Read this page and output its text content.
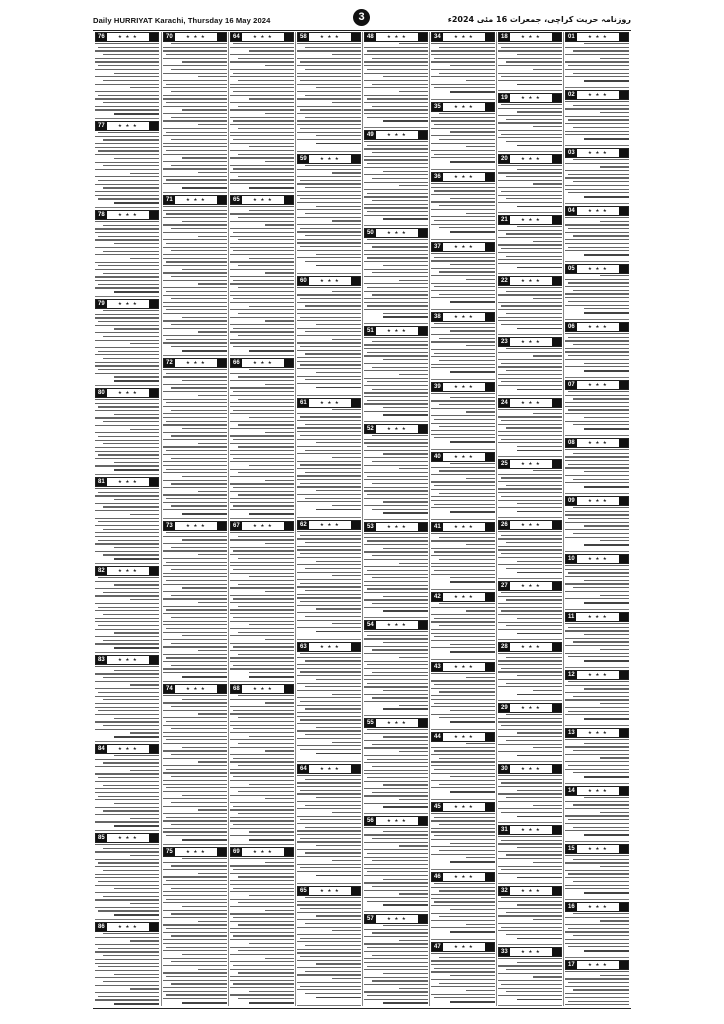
Daily HURRIYAT Karachi, Thursday 16 May 2024	3	روزنامہ حریت کراچی، جمعرات 16 مئی 2024ء
76	★ ★ ★
77	★ ★ ★
78	★ ★ ★
79	★ ★ ★
80	★ ★ ★
81	★ ★ ★
82	★ ★ ★
83	★ ★ ★
84	★ ★ ★
85	★ ★ ★
86	★ ★ ★
70	★ ★ ★
71	★ ★ ★
72	★ ★ ★
73	★ ★ ★
74	★ ★ ★
75	★ ★ ★
64	★ ★ ★
65	★ ★ ★
66	★ ★ ★
67	★ ★ ★
68	★ ★ ★
69	★ ★ ★
58	★ ★ ★
59	★ ★ ★
60	★ ★ ★
61	★ ★ ★
62	★ ★ ★
63	★ ★ ★
64	★ ★ ★
65	★ ★ ★
48	★ ★ ★
49	★ ★ ★
50	★ ★ ★
51	★ ★ ★
52	★ ★ ★
53	★ ★ ★
54	★ ★ ★
55	★ ★ ★
56	★ ★ ★
57	★ ★ ★
34	★ ★ ★
35	★ ★ ★
36	★ ★ ★
37	★ ★ ★
38	★ ★ ★
39	★ ★ ★
40	★ ★ ★
41	★ ★ ★
42	★ ★ ★
43	★ ★ ★
44	★ ★ ★
45	★ ★ ★
46	★ ★ ★
47	★ ★ ★
18	★ ★ ★
19	★ ★ ★
20	★ ★ ★
21	★ ★ ★
22	★ ★ ★
23	★ ★ ★
24	★ ★ ★
25	★ ★ ★
26	★ ★ ★
27	★ ★ ★
28	★ ★ ★
29	★ ★ ★
30	★ ★ ★
31	★ ★ ★
32	★ ★ ★
33	★ ★ ★
01	★ ★ ★
02	★ ★ ★
03	★ ★ ★
04	★ ★ ★
05	★ ★ ★
06	★ ★ ★
07	★ ★ ★
08	★ ★ ★
09	★ ★ ★
10	★ ★ ★
11	★ ★ ★
12	★ ★ ★
13	★ ★ ★
14	★ ★ ★
15	★ ★ ★
16	★ ★ ★
17	★ ★ ★
